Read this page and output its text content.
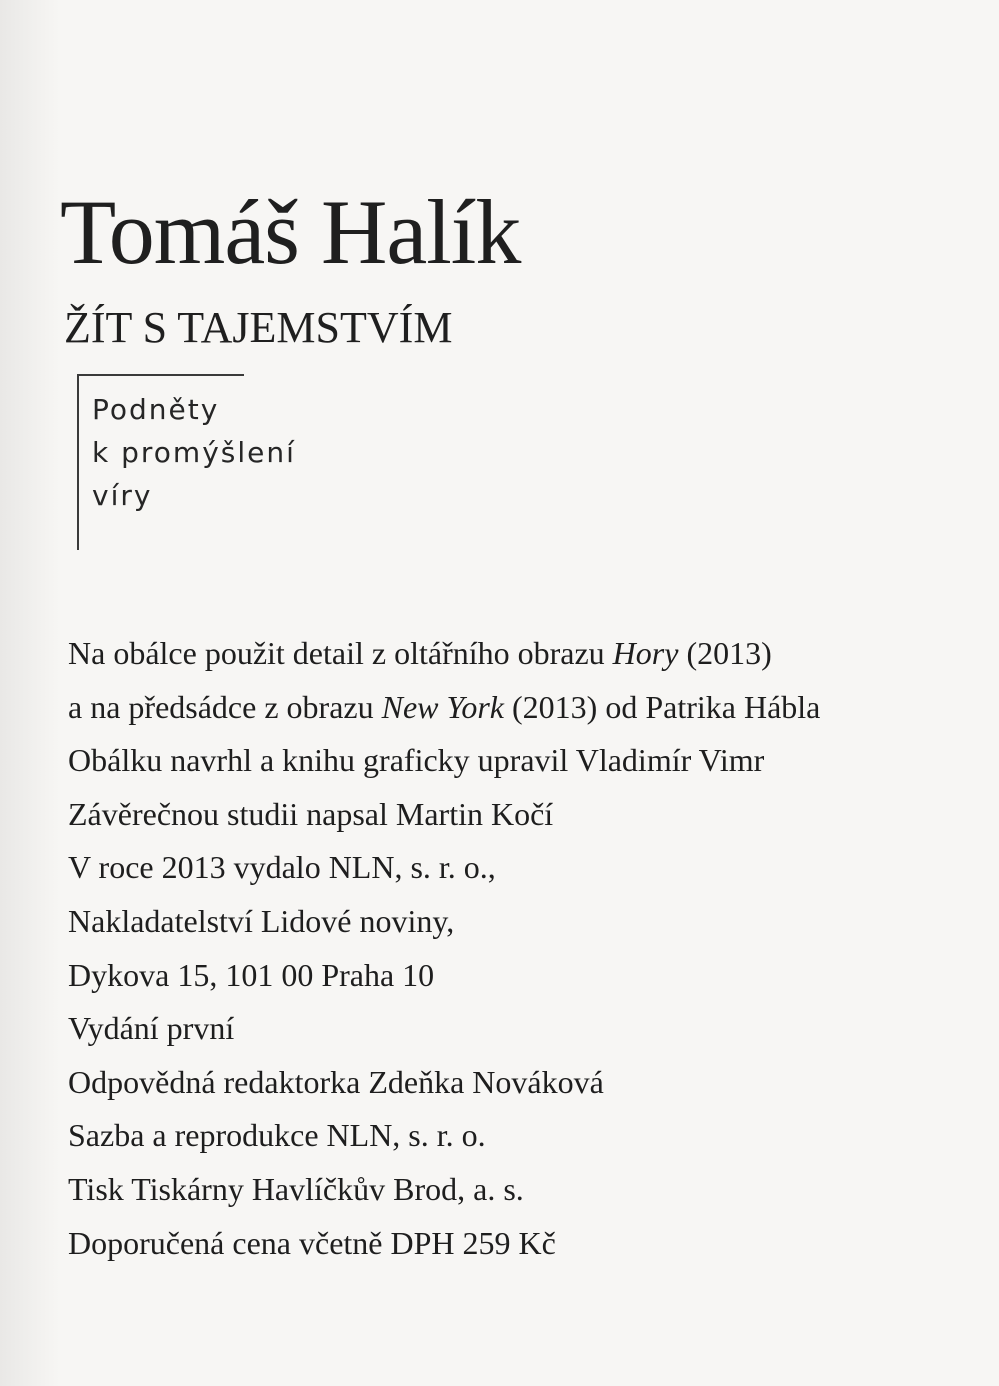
Tomáš Halík
ŽÍT S TAJEMSTVÍM
Podněty
k promýšlení
víry
Na obálce použit detail z oltářního obrazu Hory (2013)
a na předsádce z obrazu New York (2013) od Patrika Hábla
Obálku navrhl a knihu graficky upravil Vladimír Vimr
Závěrečnou studii napsal Martin Kočí
V roce 2013 vydalo NLN, s. r. o.,
Nakladatelství Lidové noviny,
Dykova 15, 101 00 Praha 10
Vydání první
Odpovědná redaktorka Zdeňka Nováková
Sazba a reprodukce NLN, s. r. o.
Tisk Tiskárny Havlíčkův Brod, a. s.
Doporučená cena včetně DPH 259 Kč
